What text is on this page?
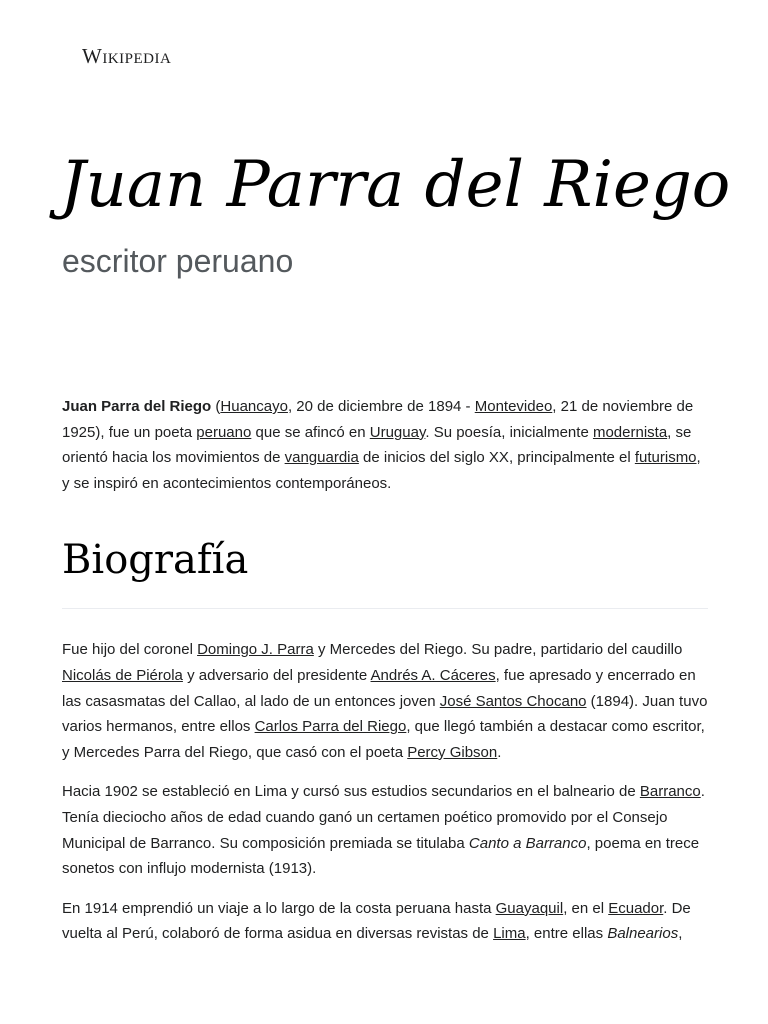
Wikipedia
Juan Parra del Riego
escritor peruano

Juan Parra del Riego (Huancayo, 20 de diciembre de 1894 - Montevideo, 21 de noviembre de 1925), fue un poeta peruano que se afincó en Uruguay. Su poesía, inicialmente modernista, se orientó hacia los movimientos de vanguardia de inicios del siglo XX, principalmente el futurismo, y se inspiró en acontecimientos contemporáneos.

Biografía

Fue hijo del coronel Domingo J. Parra y Mercedes del Riego. Su padre, partidario del caudillo Nicolás de Piérola y adversario del presidente Andrés A. Cáceres, fue apresado y encerrado en las casasmatas del Callao, al lado de un entonces joven José Santos Chocano (1894). Juan tuvo varios hermanos, entre ellos Carlos Parra del Riego, que llegó también a destacar como escritor, y Mercedes Parra del Riego, que casó con el poeta Percy Gibson.

Hacia 1902 se estableció en Lima y cursó sus estudios secundarios en el balneario de Barranco. Tenía dieciocho años de edad cuando ganó un certamen poético promovido por el Consejo Municipal de Barranco. Su composición premiada se titulaba Canto a Barranco, poema en trece sonetos con influjo modernista (1913).

En 1914 emprendió un viaje a lo largo de la costa peruana hasta Guayaquil, en el Ecuador. De vuelta al Perú, colaboró de forma asidua en diversas revistas de Lima, entre ellas Balnearios,
